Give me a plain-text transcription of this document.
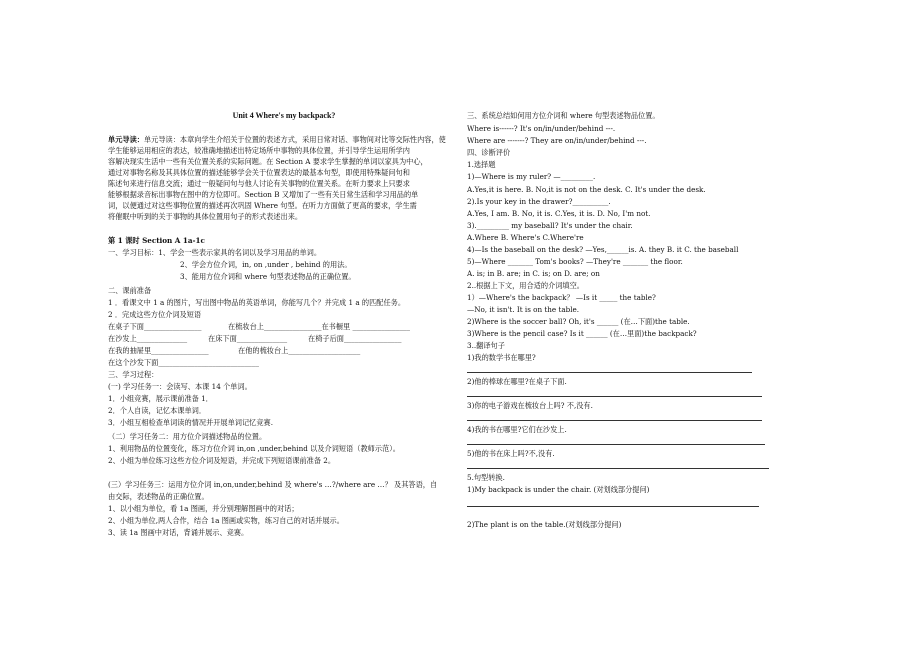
Unit 4 Where's my backpack?
单元导读：单元导读：本章向学生介绍关于位置的表述方式，采用日常对话、事物间对比等交际性内容，使
学生能够运用相应的表达，较准确地描述出特定场所中事物的具体位置，并引导学生运用所学内
容解决现实生活中一些有关位置关系的实际问题。在 Section A 要求学生掌握的单词以家具为中心，
通过对事物名称及其具体位置的描述能够学会关于位置表达的最基本句型，即使用特殊疑问句和
陈述句来进行信息交流；通过一般疑问句与他人讨论有关事物的位置关系。在听力要求上只要求
能够根据录音标出事物在图中的方位即可。Section B 又增加了一些有关日常生活和学习用品的单
词，以便通过对这些事物位置的描述再次巩固 Where 句型。在听力方面做了更高的要求，学生需
将催眠中听到的关于事物的具体位置用句子的形式表述出来。
第 1 课时 Section A 1a-1c
一、学习目标：1、学会一些表示家具的名词以及学习用品的单词。
2、学会方位介词，in, on ,under , behind 的用法。
3、能用方位介词和 where 句型表述物品的正确位置。
二、课前准备
1 ．看课文中 1 a 的图片，写出图中物品的英语单词，你能写几个？并完成 1 a 的匹配任务。
2 ．完成这些方位介词及短语
在桌子下面________________	在梳妆台上________________在书橱里 ________________
在沙发上______________	在床下面______________	在椅子后面________________
在我的抽屉里________________	在他的梳妆台上____________________
在这个沙发下面____________________________
三、学习过程：
(一) 学习任务一：会读写、本课 14 个单词。
1．小组竞赛，展示课前准备 1．
2．个人自读，记忆本课单词．
3．小组互相检查单词读的情况并开展单词记忆竞赛.
（二）学习任务二：用方位介词描述物品的位置。
1、利用物品的位置变化，练习方位介词 in,on ,under,behind 以及介词短语（教师示范）。
2、小组为单位练习这些方位介词及短语，并完成下列短语课前准备 2。
(三）学习任务三：运用方位介词 in,on,under,behind 及 where's …?/where are …？ 及其答语，自
由交际，表述物品的正确位置。
1、以小组为单位，看 1a 图画，并分别理解图画中的对话；
2、小组为单位,两人合作，结合 1a 图画或实物，练习自己的对话并展示。
3、读 1a 图画中对话，背诵并展示、竞赛。
三、系统总结如何用方位介词和 where 句型表述物品位置。
Where is------? It's on/in/under/behind ---.
Where are -------? They are on/in/under/behind ---.
四、诊断评价
1.选择题
1)—Where is my ruler? —_________.
A.Yes,it is here. B. No,it is not on the desk. C. It's under the desk.
2).Is your key in the drawer?__________.
A.Yes, I am. B. No, it is. C.Yes, it is. D. No, I'm not.
3)._________ my baseball? It's under the chair.
A.Where B. Where's C.Where're
4)—Is the baseball on the desk? —Yes,______is. A. they B. it C. the baseball
5)—Where _______ Tom's books? —They're _______ the floor.
A. is; in B. are; in C. is; on D. are; on
2..根据上下文，用合适的介词填空。
1）—Where's the backpack？ —Is it _____ the table?
—No, it isn't. It is on the table.
2)Where is the soccer ball? Oh, it's ______ (在…下面)the table.
3)Where is the pencil case? Is it ______ (在…里面)the backpack?
3..翻译句子
1)我的数学书在哪里?
2)他的棒球在哪里?在桌子下面.
3)你的电子游戏在梳妆台上吗? 不,没有.
4)我的书在哪里?它们在沙发上.
5)他的书在床上吗?不,没有.
5.句型转换.
1)My backpack is under the chair. (对划线部分提问)
2)The plant is on the table.(对划线部分提问)
